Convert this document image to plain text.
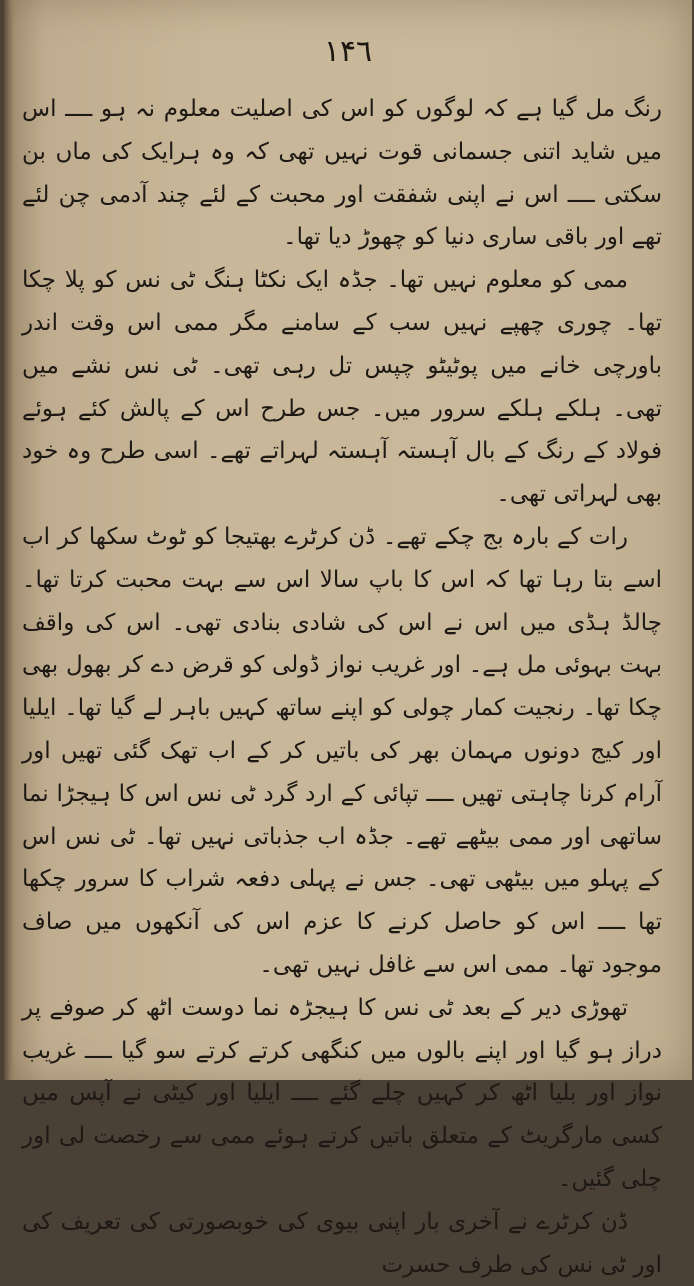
۱۴٦

رنگ مل گیا ہے کہ لوگوں کو اس کی اصلیت معلوم نہ ہو ــــ اس میں شاید اتنی جسمانی قوت نہیں تھی کہ وہ ہرایک کی ماں بن سکتی ــــ اس نے اپنی شفقت اور محبت کے لئے چند آدمی چن لئے تھے اور باقی ساری دنیا کو چھوڑ دیا تھا۔

ممی کو معلوم نہیں تھا۔ جڈہ ایک نکٹا ہنگ ٹی نس کو پلا چکا تھا۔ چوری چھپے نہیں سب کے سامنے مگر ممی اس وقت اندر باورچی خانے میں پوٹیٹو چپس تل رہی تھی۔ ٹی نس نشے میں تھی۔ ہلکے ہلکے سرور میں۔ جس طرح اس کے پالش کئے ہوئے فولاد کے رنگ کے بال آہستہ آہستہ لہراتے تھے۔ اسی طرح وہ خود بھی لہراتی تھی۔

رات کے بارہ بج چکے تھے۔ ڈن کرٹرے بھتیجا کو ٹوٹ سکھا کر اب اسے بتا رہا تھا کہ اس کا باپ سالا اس سے بہت محبت کرتا تھا۔ چالڈ ہڈی میں اس نے اس کی شادی بنادی تھی۔ اس کی واقف بہت بہوئی مل ہے۔ اور غریب نواز ڈولی کو قرض دے کر بھول بھی چکا تھا۔ رنجیت کمار چولی کو اپنے ساتھ کہیں باہر لے گیا تھا۔ ایلیا اور کیج دونوں مہمان بھر کی باتیں کر کے اب تھک گئی تھیں اور آرام کرنا چاہتی تھیں ــــ تپائی کے ارد گرد ٹی نس اس کا ہیجڑا نما ساتھی اور ممی بیٹھے تھے۔ جڈہ اب جذباتی نہیں تھا۔ ٹی نس اس کے پہلو میں بیٹھی تھی۔ جس نے پہلی دفعہ شراب کا سرور چکھا تھا ــــ اس کو حاصل کرنے کا عزم اس کی آنکھوں میں صاف موجود تھا۔ ممی اس سے غافل نہیں تھی۔

تھوڑی دیر کے بعد ٹی نس کا ہیجڑہ نما دوست اٹھ کر صوفے پر دراز ہو گیا اور اپنے بالوں میں کنگھی کرتے کرتے سو گیا ــــ غریب نواز اور بلیا اٹھ کر کہیں چلے گئے ــــ ایلیا اور کیٹی نے آپس میں کسی مارگریٹ کے متعلق باتیں کرتے ہوئے ممی سے رخصت لی اور چلی گئیں۔

ڈن کرٹرے نے آخری بار اپنی بیوی کی خوبصورتی کی تعریف کی اور ٹی نس کی طرف حسرت
